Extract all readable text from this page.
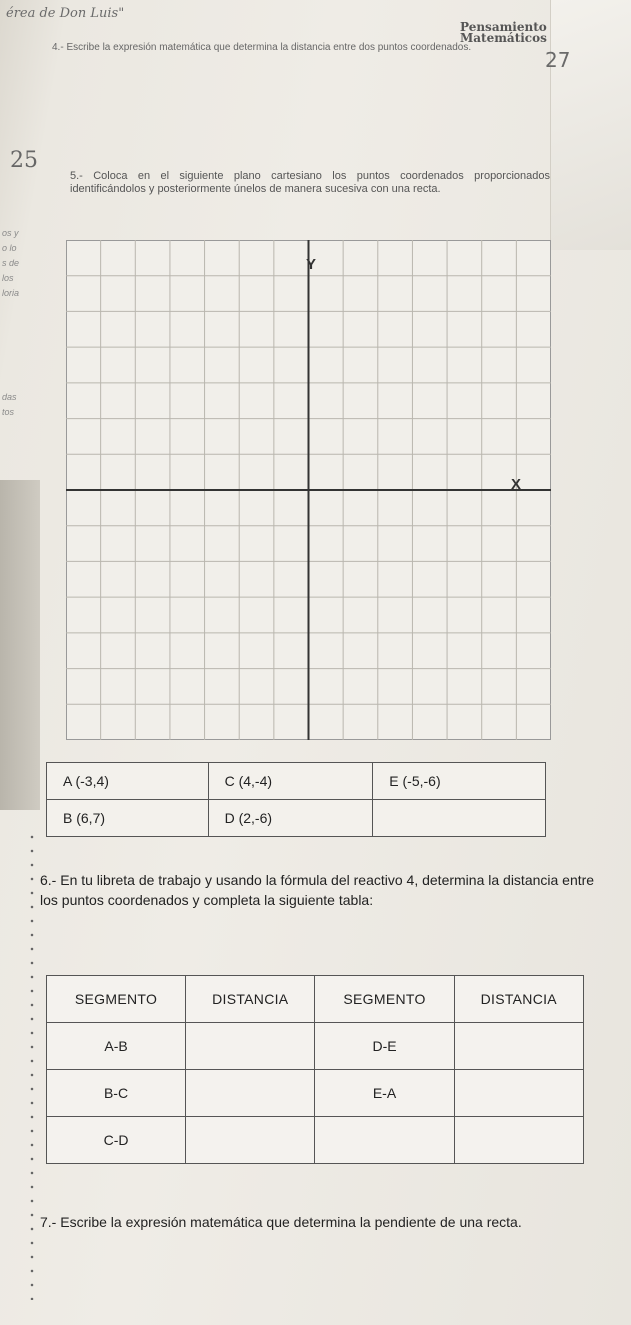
érea de Don Luis"
Pensamiento
Matemáticos
27
25
4.- Escribe la expresión matemática que determina la distancia entre dos puntos coordenados.
5.- Coloca en el siguiente plano cartesiano los puntos coordenados proporcionados identificándolos y posteriormente únelos de manera sucesiva con una recta.
os y
o lo
s de
los
loria
das
tos
Y
X
A (-3,4)	C (4,-4)	E (-5,-6)
B (6,7)	D (2,-6)	
6.- En tu libreta de trabajo y usando la fórmula del reactivo 4, determina la distancia entre los puntos coordenados y completa la siguiente tabla:
SEGMENTO	DISTANCIA	SEGMENTO	DISTANCIA
A-B		D-E	
B-C		E-A	
C-D			
7.- Escribe la expresión matemática que determina la pendiente de una recta.
